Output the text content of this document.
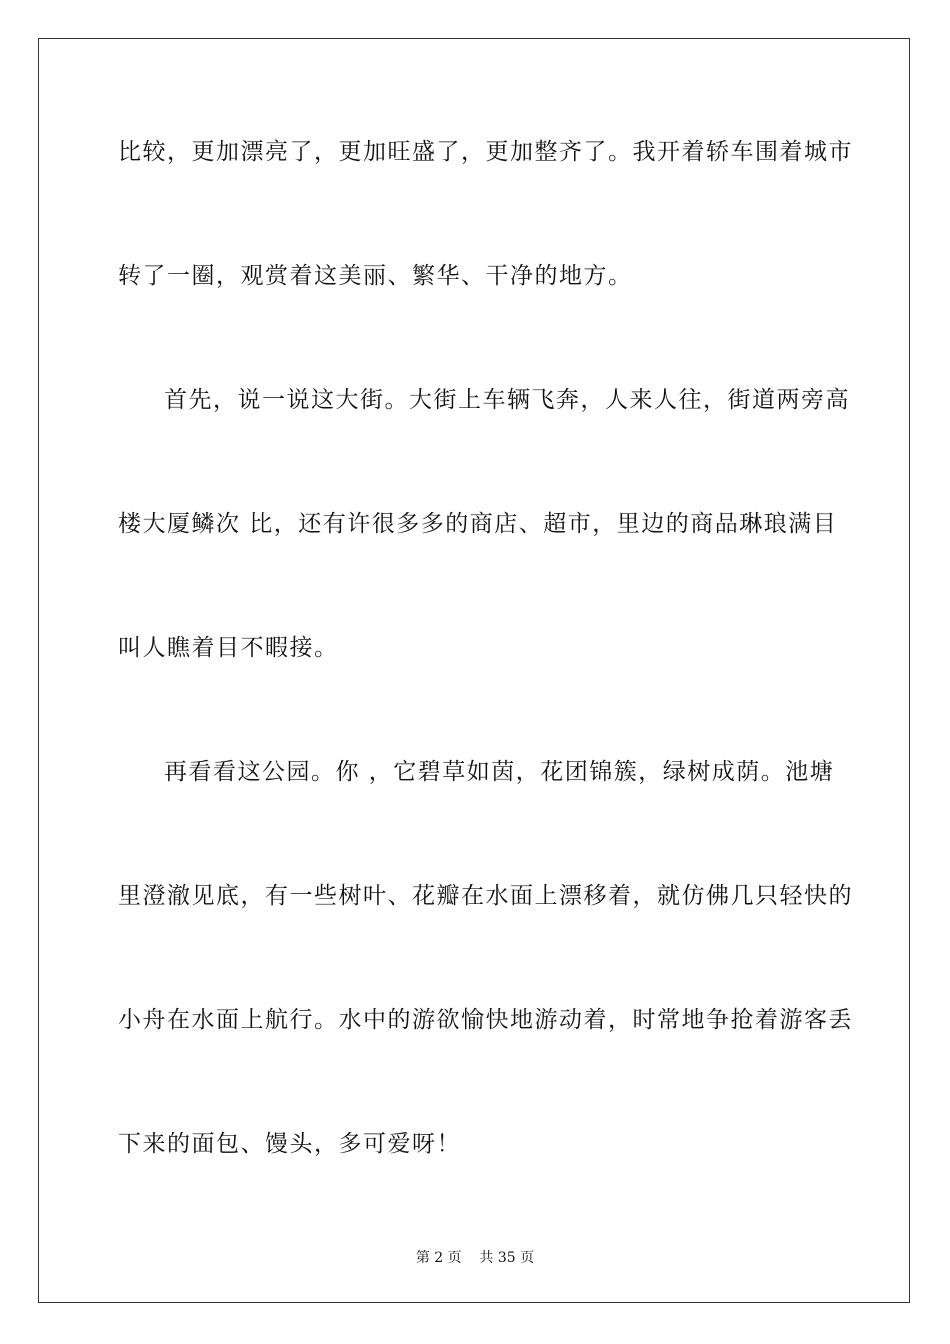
比较，更加漂亮了，更加旺盛了，更加整齐了。我开着轿车围着城市
转了一圈，观赏着这美丽、繁华、干净的地方。
首先，说一说这大街。大街上车辆飞奔，人来人往，街道两旁高
楼大厦鳞次 比，还有许很多多的商店、超市，里边的商品琳琅满目
叫人瞧着目不暇接。
再看看这公园。你 ，它碧草如茵，花团锦簇，绿树成荫。池塘
里澄澈见底，有一些树叶、花瓣在水面上漂移着，就仿佛几只轻快的
小舟在水面上航行。水中的游欲愉快地游动着，时常地争抢着游客丢
下来的面包、馒头，多可爱呀！
第 2 页    共 35 页
